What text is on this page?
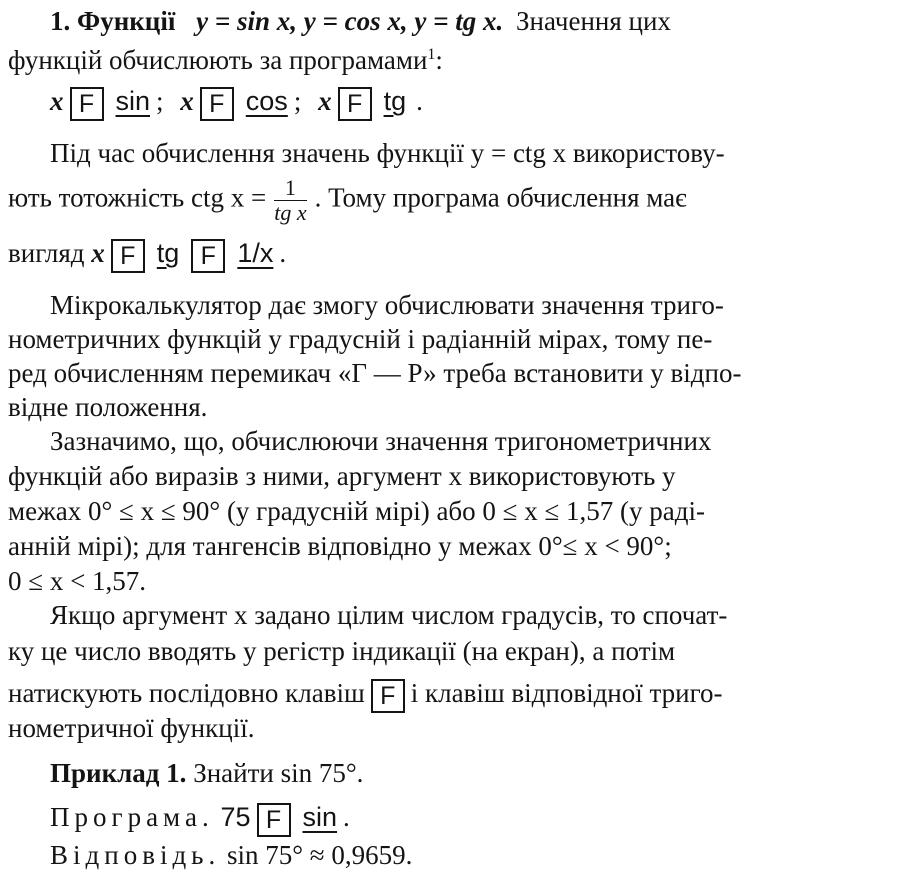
1. Функції y = sin x, y = cos x, y = tg x. Значення цих
функцій обчислюють за програмами$^1$:
x F sin ; x F cos ; x F tg .
Під час обчислення значень функції y = ctg x використову-
ють тотожність ctg $x = \frac{1}{\text{tg x}}$ . Тому програма обчислення має
вигляд x F tg F 1/x .
Мікрокалькулятор дає змогу обчислювати значення триго-
нометричних функцій у градусній і радіанній мірах, тому пе-
ред обчисленням перемикач «Г — Р» треба встановити у відпо-
відне положення.
Зазначимо, що, обчислюючи значення тригонометричних
функцій або виразів з ними, аргумент x використовують у
межах 0° ≤ x ≤ 90° (у градусній мірі) або 0 ≤ x ≤ 1,57 (у раді-
анній мірі); для тангенсів відповідно у межах 0°≤ x < 90°;
0 ≤ x < 1,57.
Якщо аргумент x задано цілим числом градусів, то спочат-
ку це число вводять у регістр індикації (на екран), а потім
натискують послідовно клавіш F і клавіш відповідної триго-
нометричної функції.
Приклад 1. Знайти sin 75°.
Програма. 75 F sin .
Відповідь. sin 75° ≈ 0,9659.
